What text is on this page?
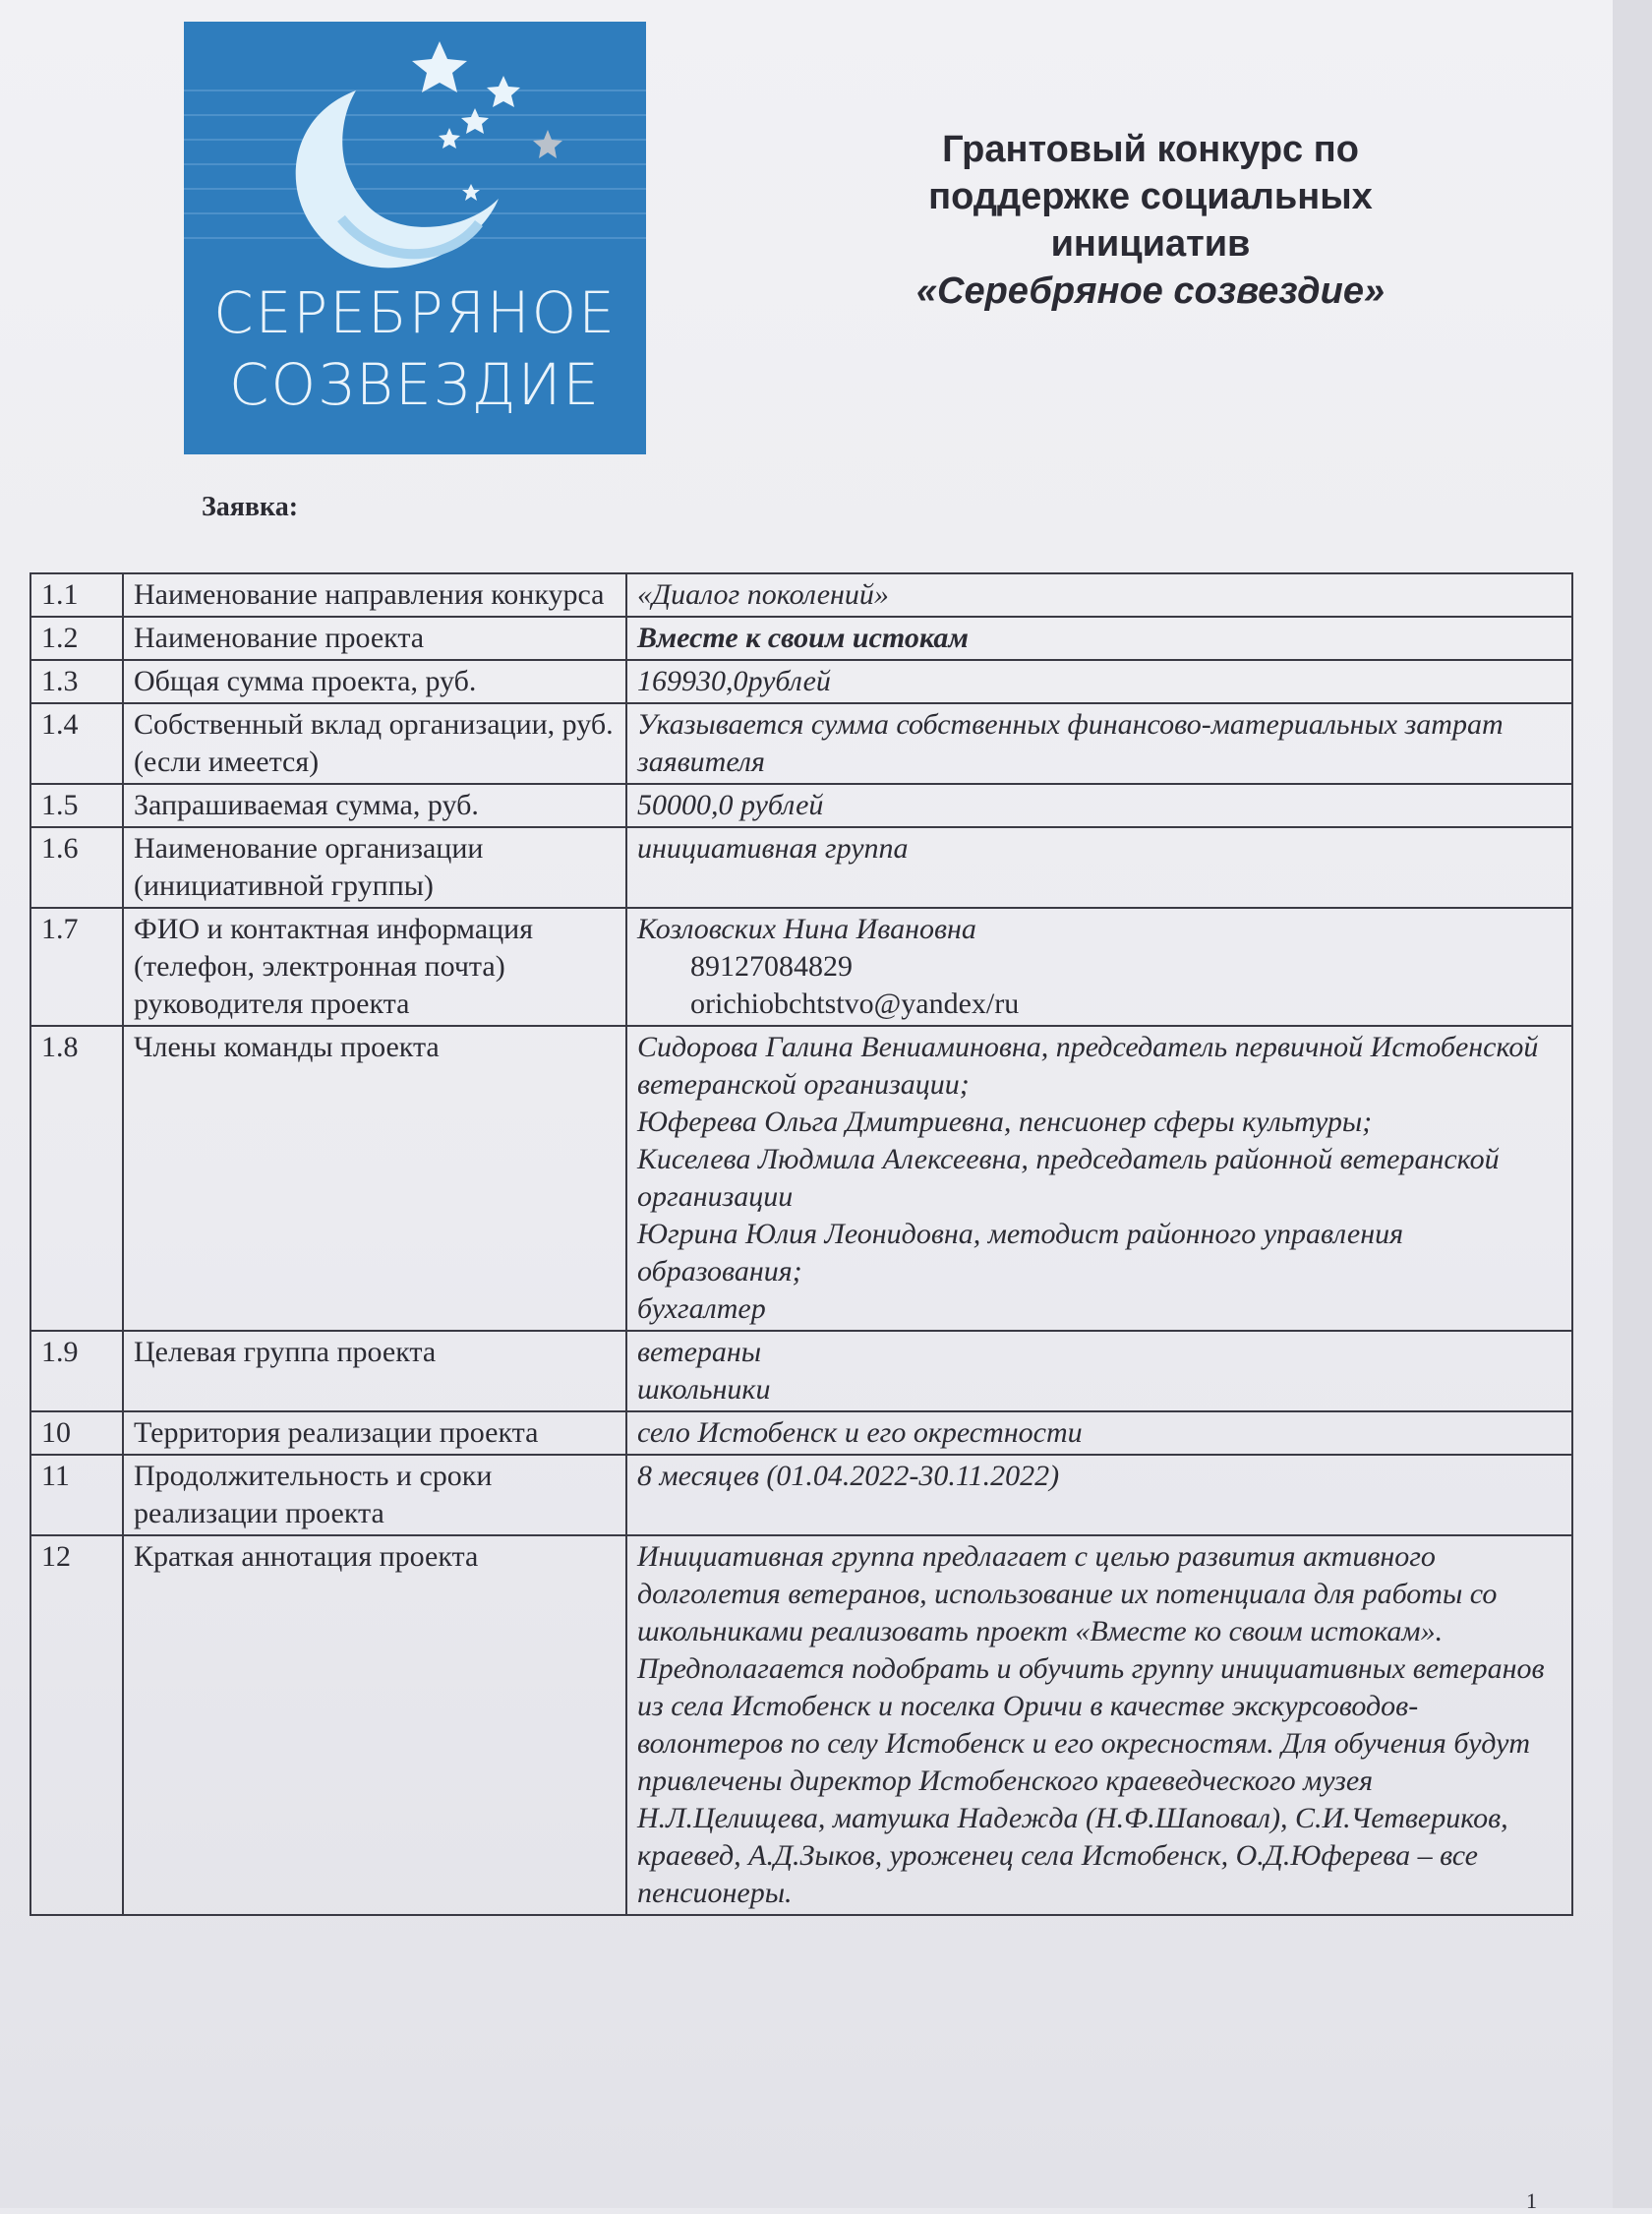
СЕРЕБРЯНОЕ
СОЗВЕЗДИЕ
Грантовый конкурс по
поддержке социальных
инициатив
«Серебряное созвездие»
Заявка:
1.1	Наименование направления конкурса	«Диалог поколений»
1.2	Наименование проекта	Вместе к своим истокам
1.3	Общая сумма проекта, руб.	169930,0рублей
1.4	Собственный вклад организации, руб. (если имеется)	Указывается сумма собственных финансово-материальных затрат заявителя
1.5	Запрашиваемая сумма, руб.	50000,0 рублей
1.6	Наименование организации (инициативной группы)	инициативная группа
1.7	ФИО и контактная информация (телефон, электронная почта) руководителя проекта	Козловских Нина Ивановна
89127084829
orichiobchtstvo@yandex/ru

1.8	Члены команды проекта	Сидорова Галина Вениаминовна, председатель первичной Истобенской ветеранской организации;
Юферева Ольга Дмитриевна, пенсионер сферы культуры;
Киселева Людмила Алексеевна, председатель районной ветеранской организации
Югрина Юлия Леонидовна, методист районного управления образования;
бухгалтер

1.9	Целевая группа проекта	ветераны
школьники

10	Территория реализации проекта	село Истобенск и его окрестности
11	Продолжительность и сроки реализации проекта	8 месяцев (01.04.2022-30.11.2022)
12	Краткая аннотация проекта	Инициативная группа предлагает с целью развития активного долголетия ветеранов, использование их потенциала для работы со школьниками реализовать проект «Вместе ко своим истокам». Предполагается подобрать и обучить группу инициативных ветеранов из села Истобенск и поселка Оричи в качестве экскурсоводов-волонтеров по селу Истобенск и его окресностям. Для обучения будут привлечены директор Истобенского краеведческого музея Н.Л.Целищева, матушка Надежда (Н.Ф.Шаповал), С.И.Четвериков, краевед, А.Д.Зыков, уроженец села Истобенск, О.Д.Юферева – все пенсионеры.
1
